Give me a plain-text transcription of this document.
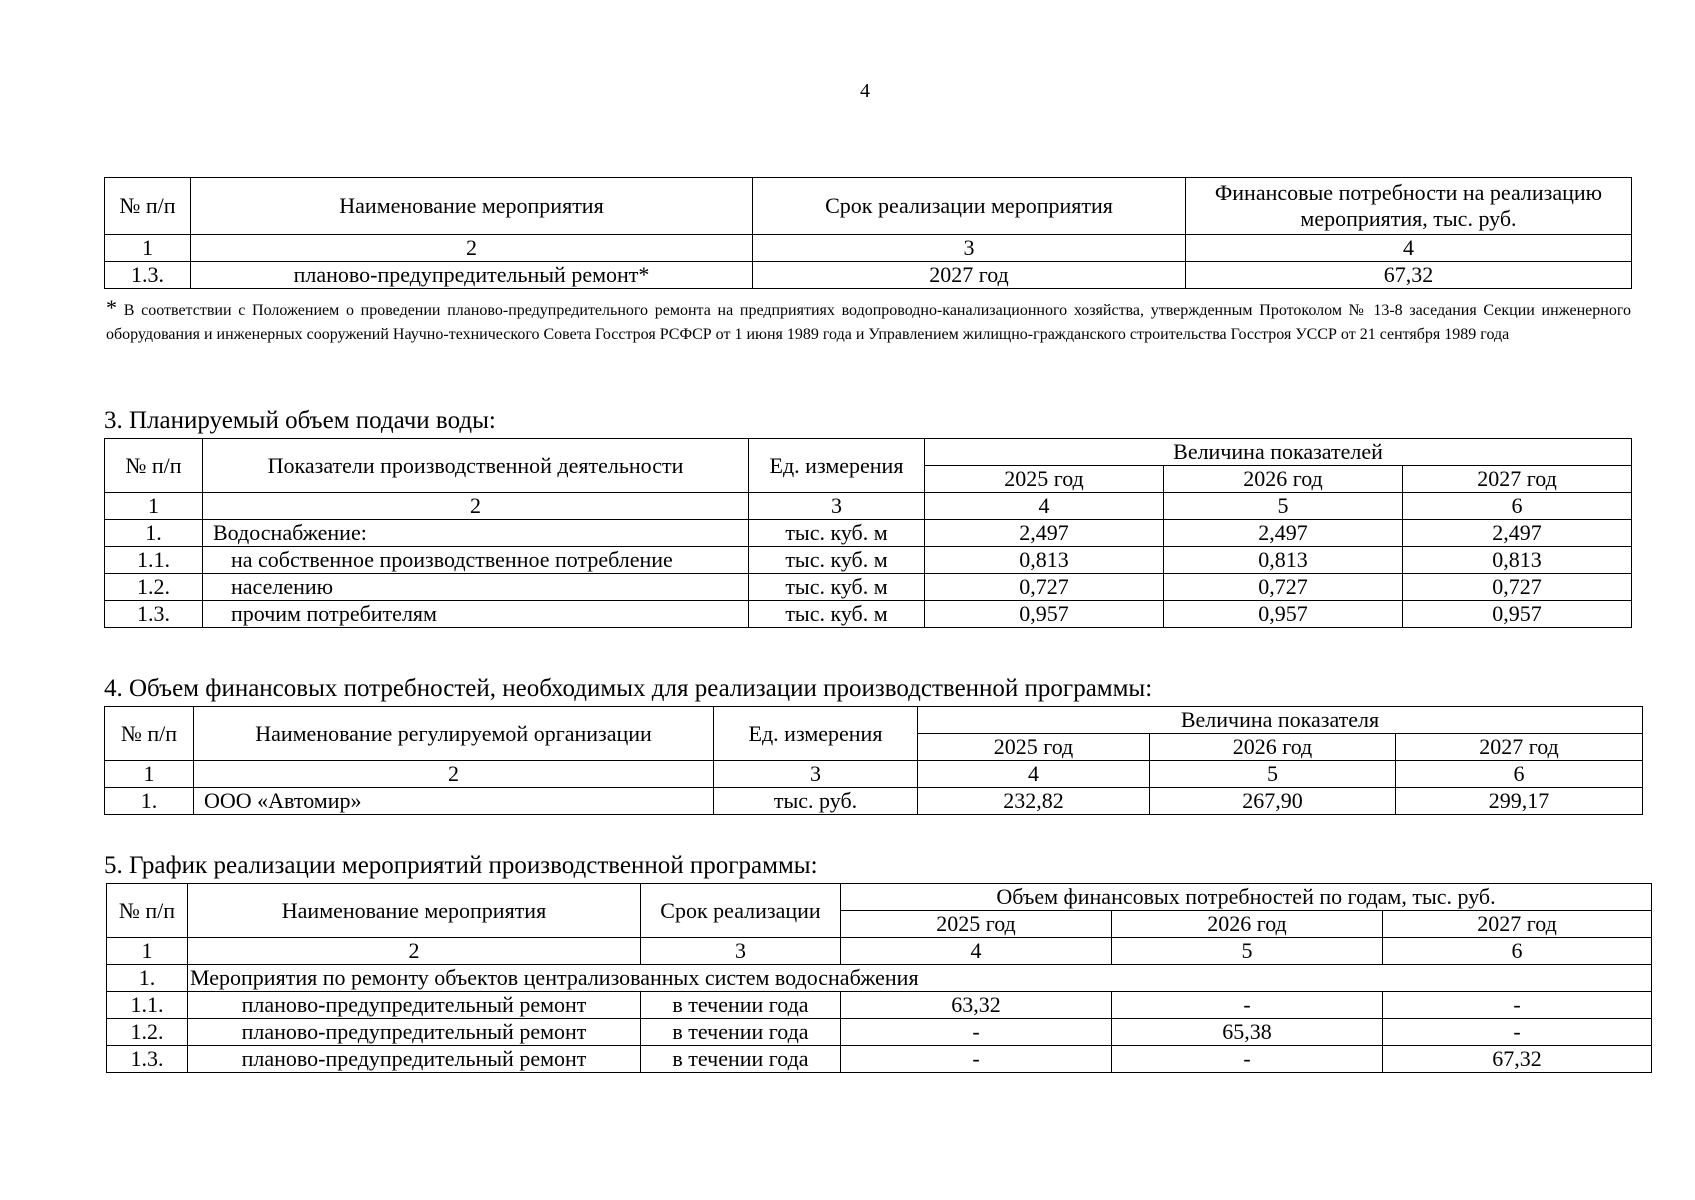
4
№ п/п	Наименование мероприятия	Срок реализации мероприятия	Финансовые потребности на реализацию мероприятия, тыс. руб.
1	2	3	4
1.3.	планово-предупредительный ремонт*	2027 год	67,32
* В соответствии с Положением о проведении планово-предупредительного ремонта на предприятиях водопроводно-канализационного хозяйства, утвержденным Протоколом № 13-8 заседания Секции инженерного оборудования и инженерных сооружений Научно-технического Совета Госстроя РСФСР от 1 июня 1989 года и Управлением жилищно-гражданского строительства Госстроя УССР от 21 сентября 1989 года
3. Планируемый объем подачи воды:
№ п/п	Показатели производственной деятельности	Ед. измерения	Величина показателей		
			2025 год	2026 год	2027 год
1	2	3	4	5	6
1.	Водоснабжение:	тыс. куб. м	2,497	2,497	2,497
1.1.	на собственное производственное потребление	тыс. куб. м	0,813	0,813	0,813
1.2.	населению	тыс. куб. м	0,727	0,727	0,727
1.3.	прочим потребителям	тыс. куб. м	0,957	0,957	0,957
4. Объем финансовых потребностей, необходимых для реализации производственной программы:
№ п/п	Наименование регулируемой организации	Ед. измерения	Величина показателя		
			2025 год	2026 год	2027 год
1	2	3	4	5	6
1.	ООО «Автомир»	тыс. руб.	232,82	267,90	299,17
5. График реализации мероприятий производственной программы:
№ п/п	Наименование мероприятия	Срок реализации	Объем финансовых потребностей по годам, тыс. руб.		
			2025 год	2026 год	2027 год
1	2	3	4	5	6
1.	Мероприятия по ремонту объектов централизованных систем водоснабжения				
1.1.	планово-предупредительный ремонт	в течении года	63,32	-	-
1.2.	планово-предупредительный ремонт	в течении года	-	65,38	-
1.3.	планово-предупредительный ремонт	в течении года	-	-	67,32
